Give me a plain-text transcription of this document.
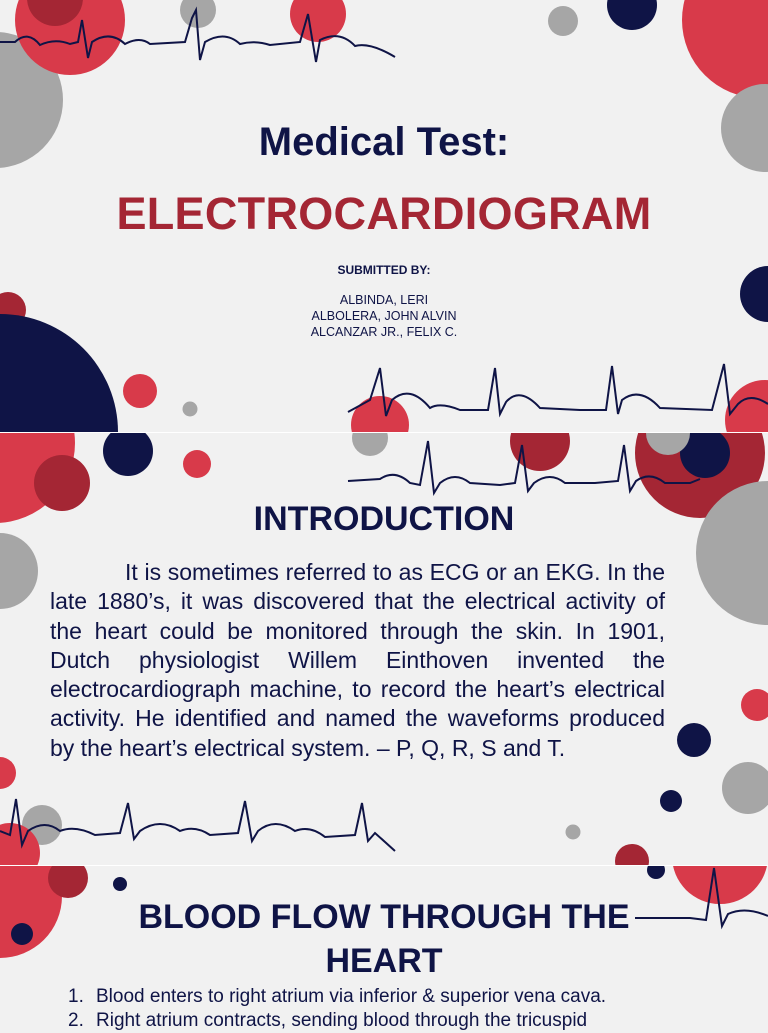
Medical Test:
ELECTROCARDIOGRAM
SUBMITTED BY:
ALBINDA, LERI
ALBOLERA, JOHN ALVIN
ALCANZAR JR., FELIX C.
INTRODUCTION
It is sometimes referred to as ECG or an EKG. In the late 1880’s, it was discovered that the electrical activity of the heart could be monitored through the skin. In 1901, Dutch physiologist Willem Einthoven invented the electrocardiograph machine, to record the heart’s electrical activity. He identified and named the waveforms produced by the heart’s electrical system. – P, Q, R, S and T.
BLOOD FLOW THROUGH THE HEART
1. Blood enters to right atrium via inferior & superior vena cava.
2. Right atrium contracts, sending blood through the tricuspid
